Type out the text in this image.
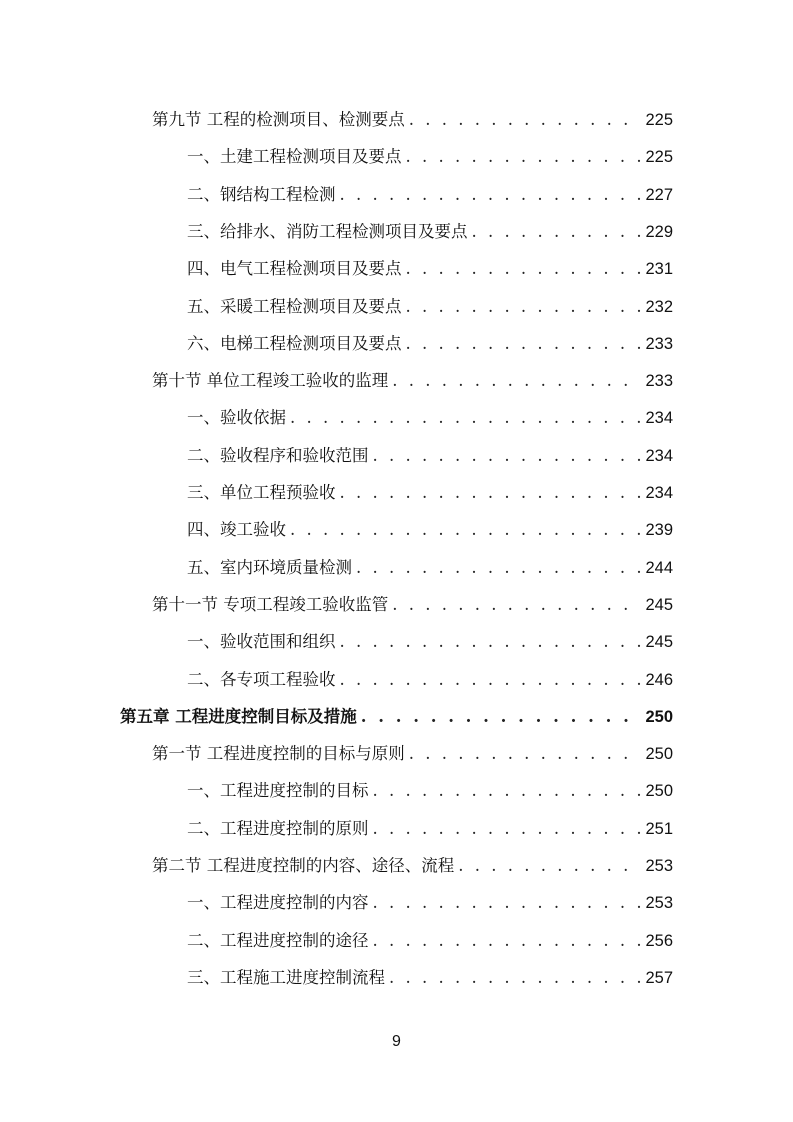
第九节 工程的检测项目、检测要点 . . .	225
一、土建工程检测项目及要点 . . .	225
二、钢结构工程检测 . . .	227
三、给排水、消防工程检测项目及要点 . . .	229
四、电气工程检测项目及要点 . . .	231
五、采暖工程检测项目及要点 . . .	232
六、电梯工程检测项目及要点 . . .	233
第十节 单位工程竣工验收的监理 . . .	233
一、验收依据 . . .	234
二、验收程序和验收范围 . . .	234
三、单位工程预验收 . . .	234
四、竣工验收 . . .	239
五、室内环境质量检测 . . .	244
第十一节 专项工程竣工验收监管 . . .	245
一、验收范围和组织 . . .	245
二、各专项工程验收 . . .	246
第五章 工程进度控制目标及措施 . . .	250
第一节 工程进度控制的目标与原则 . . .	250
一、工程进度控制的目标 . . .	250
二、工程进度控制的原则 . . .	251
第二节 工程进度控制的内容、途径、流程 . . .	253
一、工程进度控制的内容 . . .	253
二、工程进度控制的途径 . . .	256
三、工程施工进度控制流程 . . .	257
9
